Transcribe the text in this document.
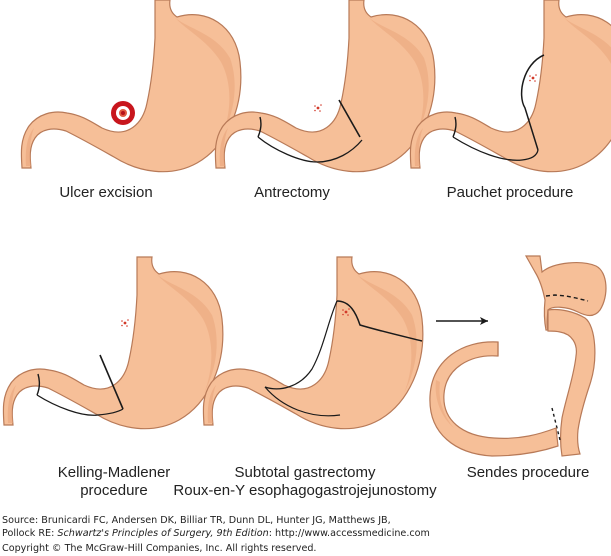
Ulcer excision	Antrectomy	Pauchet procedure
Kelling-Madlener
procedure
Subtotal gastrectomy
Roux-en-Y esophagogastrojejunostomy
Sendes procedure
Source: Brunicardi FC, Andersen DK, Billiar TR, Dunn DL, Hunter JG, Matthews JB,
Pollock RE: Schwartz's Principles of Surgery, 9th Edition: http://www.accessmedicine.com
Copyright © The McGraw-Hill Companies, Inc. All rights reserved.
